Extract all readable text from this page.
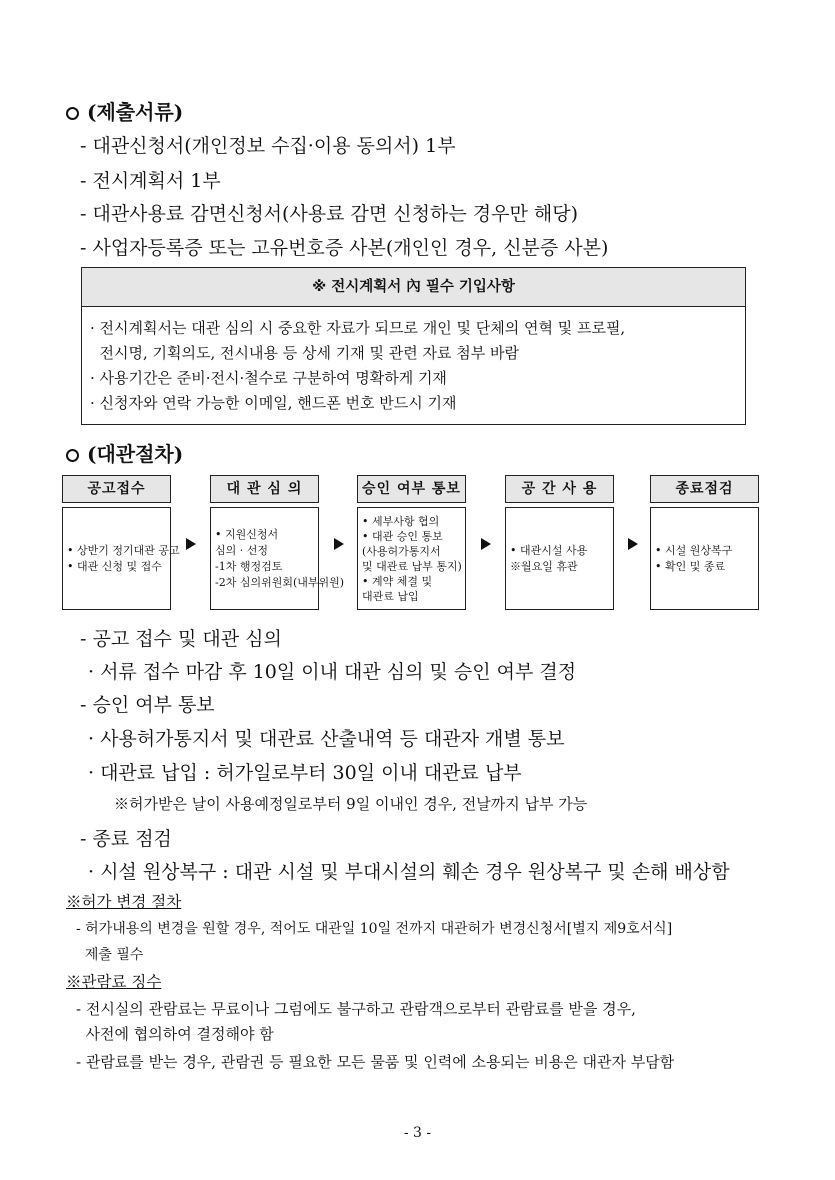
(제출서류)
- 대관신청서(개인정보 수집·이용 동의서) 1부
- 전시계획서 1부
- 대관사용료 감면신청서(사용료 감면 신청하는 경우만 해당)
- 사업자등록증 또는 고유번호증 사본(개인인 경우, 신분증 사본)
※ 전시계획서 內 필수 기입사항
· 전시계획서는 대관 심의 시 중요한 자료가 되므로 개인 및 단체의 연혁 및 프로필,
전시명, 기획의도, 전시내용 등 상세 기재 및 관련 자료 첨부 바람
· 사용기간은 준비·전시·철수로 구분하여 명확하게 기재
· 신청자와 연락 가능한 이메일, 핸드폰 번호 반드시 기재
(대관절차)
공고접수
• 상반기 정기대관 공고
• 대관 신청 및 접수
대 관 심 의
• 지원신청서
심의 · 선정
-1차 행정검토
-2차 심의위원회(내부위원)
승인 여부 통보
• 세부사항 협의
• 대관 승인 통보
(사용허가통지서
및 대관료 납부 통지)
• 계약 체결 및
대관료 납입
공 간 사 용
• 대관시설 사용
※월요일 휴관
종료점검
• 시설 원상복구
• 확인 및 종료
- 공고 접수 및 대관 심의
· 서류 접수 마감 후 10일 이내 대관 심의 및 승인 여부 결정
- 승인 여부 통보
· 사용허가통지서 및 대관료 산출내역 등 대관자 개별 통보
· 대관료 납입 : 허가일로부터 30일 이내 대관료 납부
※허가받은 날이 사용예정일로부터 9일 이내인 경우, 전날까지 납부 가능
- 종료 점검
· 시설 원상복구 : 대관 시설 및 부대시설의 훼손 경우 원상복구 및 손해 배상함
※허가 변경 절차
- 허가내용의 변경을 원할 경우, 적어도 대관일 10일 전까지 대관허가 변경신청서[별지 제9호서식]
제출 필수
※관람료 징수
- 전시실의 관람료는 무료이나 그럼에도 불구하고 관람객으로부터 관람료를 받을 경우,
사전에 협의하여 결정해야 함
- 관람료를 받는 경우, 관람권 등 필요한 모든 물품 및 인력에 소용되는 비용은 대관자 부담함
- 3 -
